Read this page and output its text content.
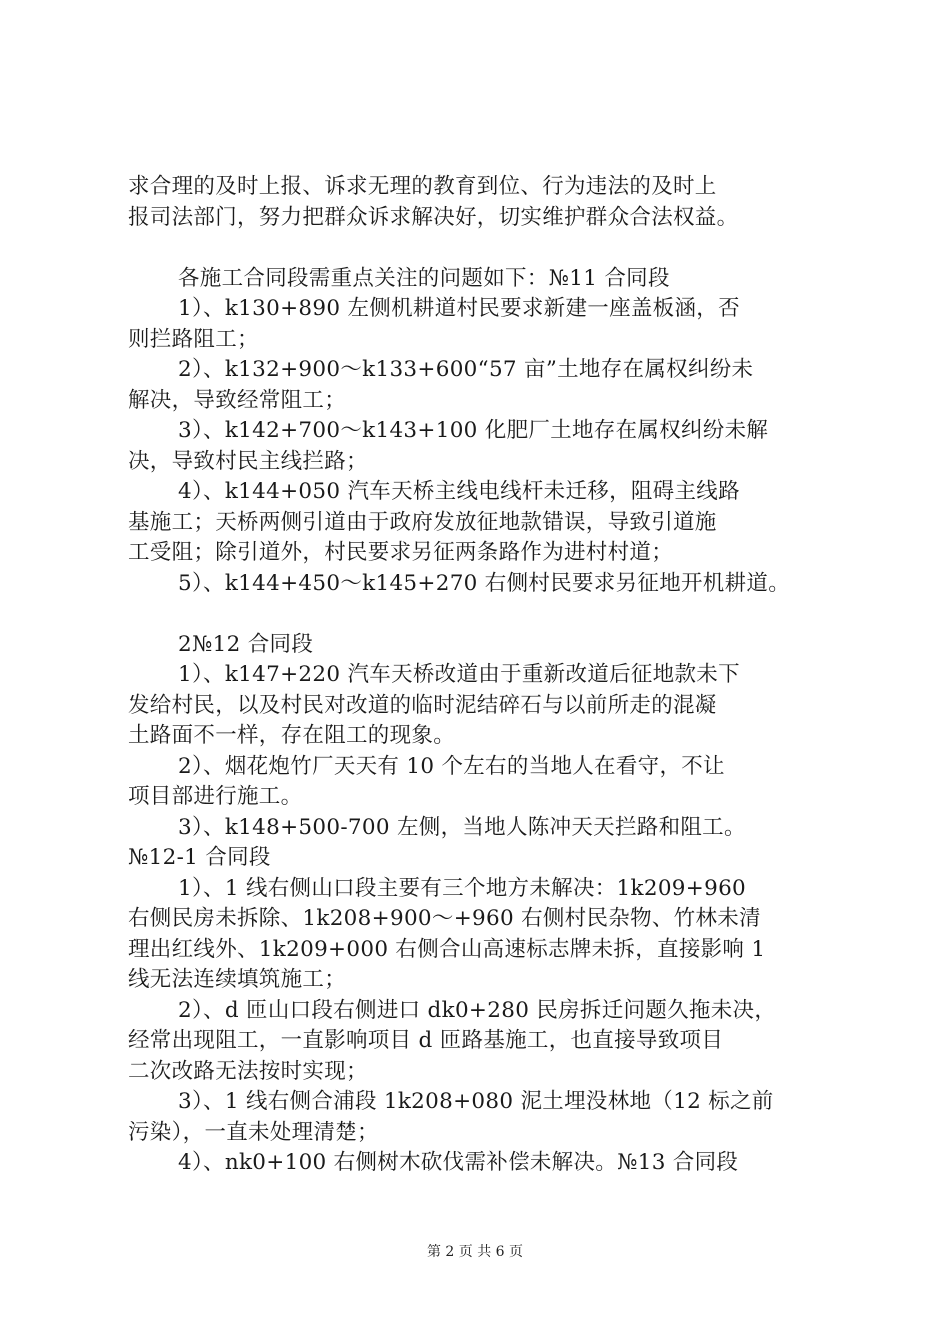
求合理的及时上报、诉求无理的教育到位、行为违法的及时上
报司法部门，努力把群众诉求解决好，切实维护群众合法权益。
各施工合同段需重点关注的问题如下：№11 合同段
1）、k130+890 左侧机耕道村民要求新建一座盖板涵，否
则拦路阻工；
2）、k132+900～k133+600“57 亩”土地存在属权纠纷未
解决，导致经常阻工；
3）、k142+700～k143+100 化肥厂土地存在属权纠纷未解
决，导致村民主线拦路；
4）、k144+050 汽车天桥主线电线杆未迁移，阻碍主线路
基施工；天桥两侧引道由于政府发放征地款错误，导致引道施
工受阻；除引道外，村民要求另征两条路作为进村村道；
5）、k144+450～k145+270 右侧村民要求另征地开机耕道。
2№12 合同段
1）、k147+220 汽车天桥改道由于重新改道后征地款未下
发给村民，以及村民对改道的临时泥结碎石与以前所走的混凝
土路面不一样，存在阻工的现象。
2）、烟花炮竹厂天天有 10 个左右的当地人在看守，不让
项目部进行施工。
3）、k148+500-700 左侧，当地人陈冲天天拦路和阻工。
№12-1 合同段
1）、1 线右侧山口段主要有三个地方未解决：1k209+960
右侧民房未拆除、1k208+900～+960 右侧村民杂物、竹林未清
理出红线外、1k209+000 右侧合山高速标志牌未拆，直接影响 1
线无法连续填筑施工；
2）、d 匝山口段右侧进口 dk0+280 民房拆迁问题久拖未决，
经常出现阻工，一直影响项目 d 匝路基施工，也直接导致项目
二次改路无法按时实现；
3）、1 线右侧合浦段 1k208+080 泥土埋没林地（12 标之前
污染），一直未处理清楚；
4）、nk0+100 右侧树木砍伐需补偿未解决。№13 合同段
第 2 页 共 6 页
